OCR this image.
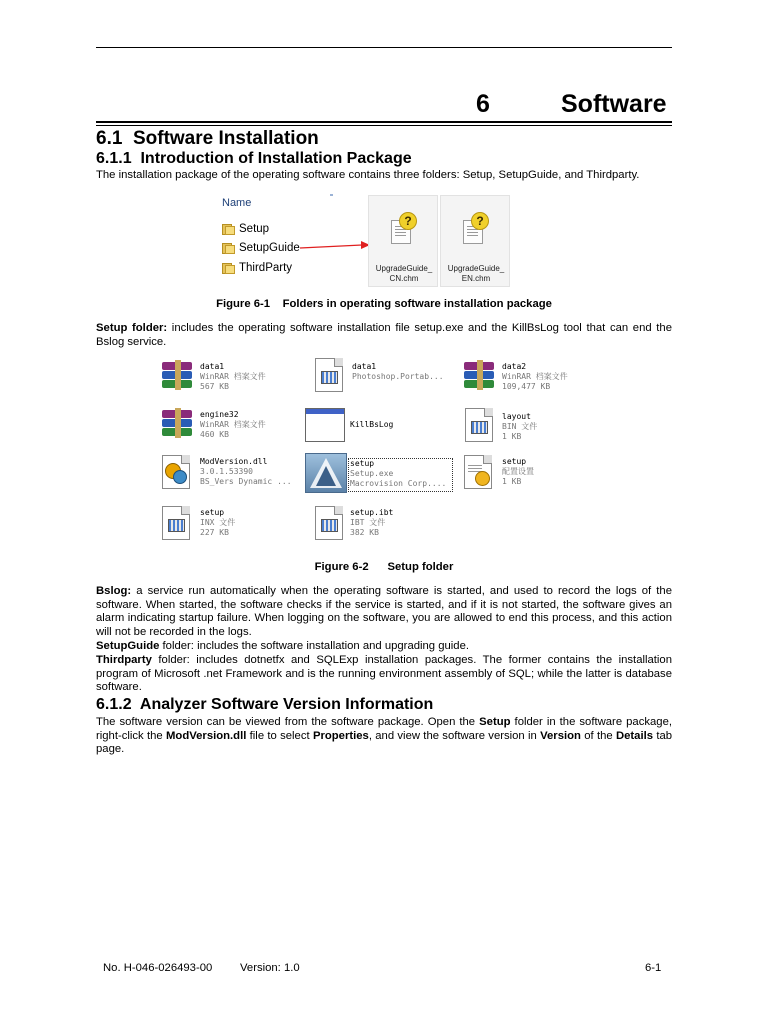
6	Software
6.1  Software Installation
6.1.1  Introduction of Installation Package
The installation package of the operating software contains three folders: Setup, SetupGuide, and Thirdparty.
Name
Setup
SetupGuide
ThirdParty
?
UpgradeGuide_
CN.chm
?
UpgradeGuide_
EN.chm
Figure 6-1    Folders in operating software installation package
Setup folder: includes the operating software installation file setup.exe and the KillBsLog tool that can end the Bslog service.
data1
WinRAR 档案文件
567 KB
data1
Photoshop.Portab...
data2
WinRAR 档案文件
109,477 KB
engine32
WinRAR 档案文件
460 KB
KillBsLog
layout
BIN 文件
1 KB
ModVersion.dll
3.0.1.53390
BS_Vers Dynamic ...
setup
Setup.exe
Macrovision Corp....
setup
配置设置
1 KB
setup
INX 文件
227 KB
setup.ibt
IBT 文件
382 KB
Figure 6-2      Setup folder
Bslog: a service run automatically when the operating software is started, and used to record the logs of the software. When started, the software checks if the service is started, and if it is not started, the software gives an alarm indicating startup failure. When logging on the software, you are allowed to end this process, and this action will not be recorded in the logs.
SetupGuide folder: includes the software installation and upgrading guide.
Thirdparty folder: includes dotnetfx and SQLExp installation packages. The former contains the installation program of Microsoft .net Framework and is the running environment assembly of SQL; while the latter is database software.
6.1.2  Analyzer Software Version Information
The software version can be viewed from the software package. Open the Setup folder in the software package, right-click the ModVersion.dll file to select Properties, and view the software version in Version of the Details tab page.
No. H-046-026493-00 Version: 1.0	6-1
